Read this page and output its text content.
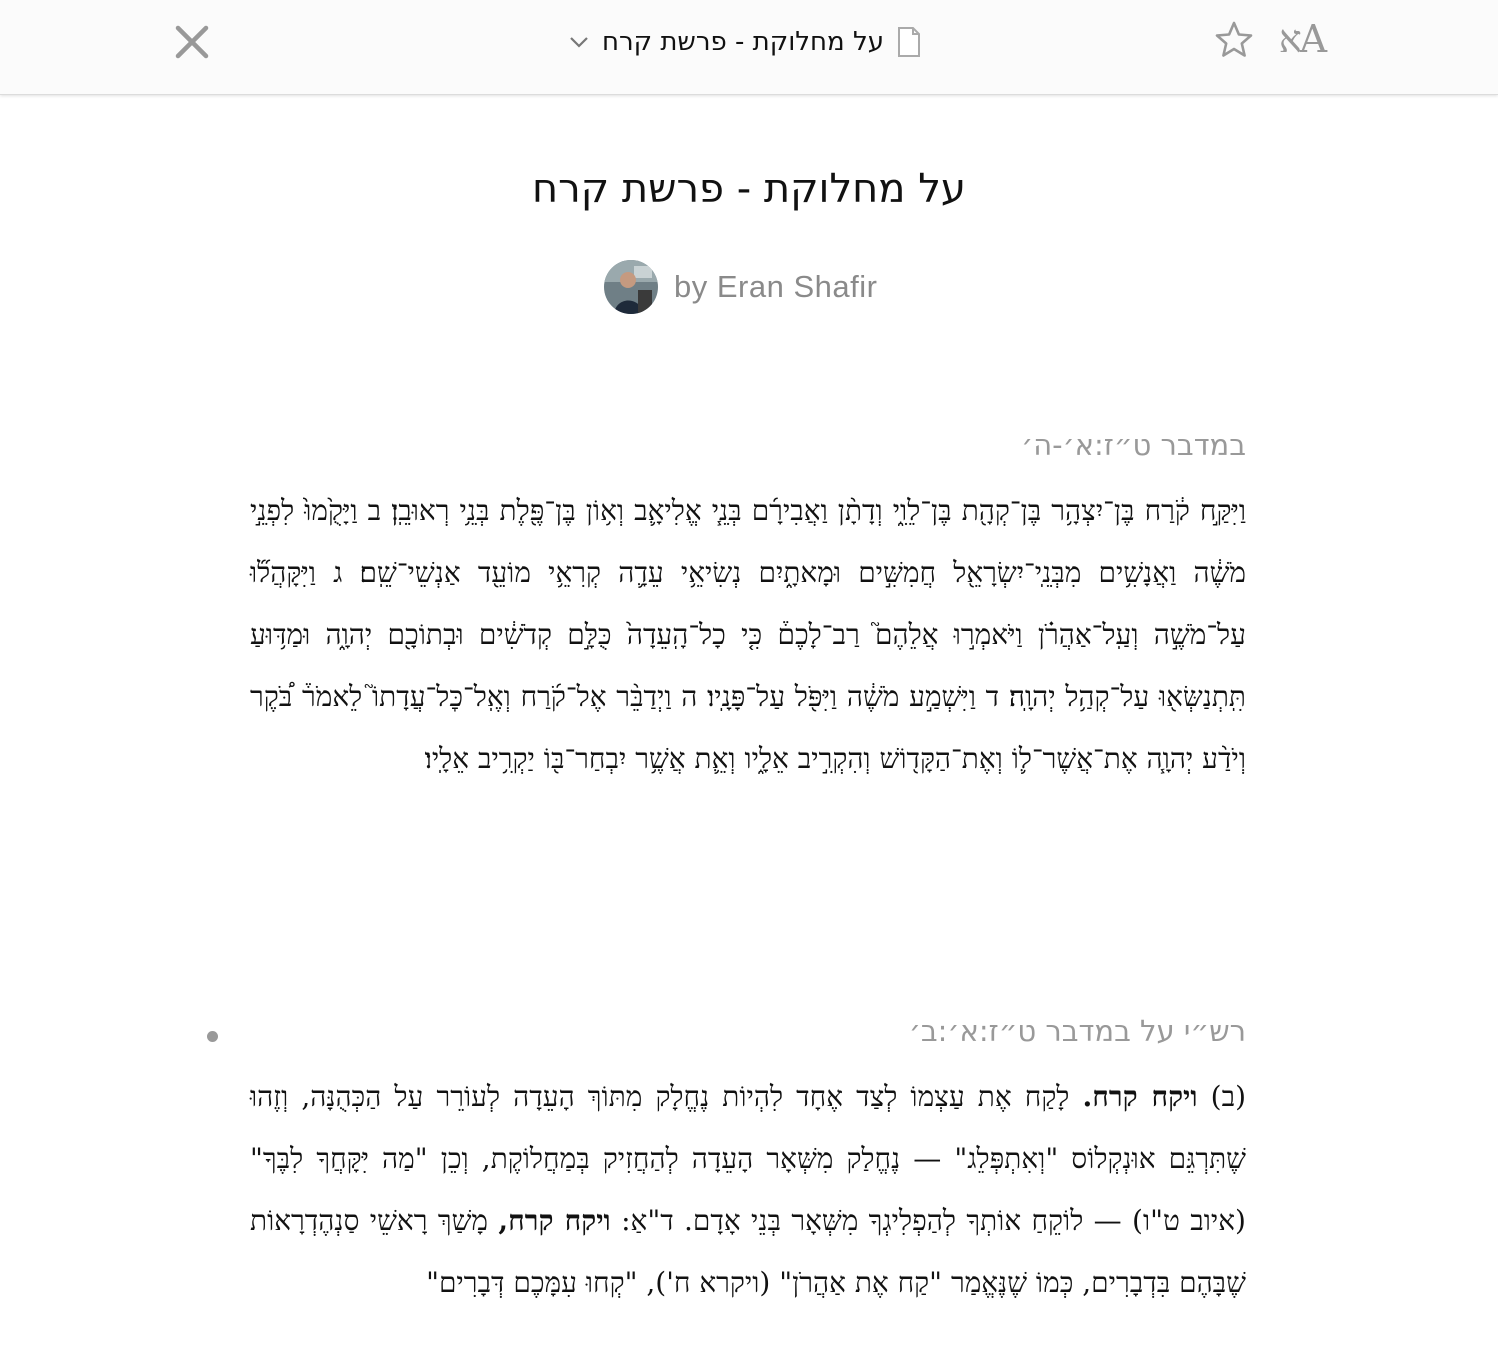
על מחלוקת - פרשת קרח	אA
על מחלוקת - פרשת קרח
by Eran Shafir
במדבר ט״ז:א׳-ה׳
וַיִּקַּ֣ח קֹ֔רַח בֶּן־יִצְהָ֥ר בֶּן־קְהָ֖ת בֶּן־לֵוִ֑י וְדָתָ֨ן וַאֲבִירָ֜ם בְּנֵ֧י אֱלִיאָ֛ב וְא֥וֹן בֶּן־פֶּ֖לֶת בְּנֵ֥י רְאוּבֵֽן׃ ב וַיָּקֻ֙מוּ֙ לִפְנֵ֣י מֹשֶׁ֔ה וַאֲנָשִׁ֥ים מִבְּנֵֽי־יִשְׂרָאֵ֖ל חֲמִשִּׁ֣ים וּמָאתָ֑יִם נְשִׂיאֵ֥י עֵדָ֛ה קְרִאֵ֥י מוֹעֵ֖ד אַנְשֵׁי־שֵֽׁם׃ ג וַיִּקָּהֲל֞וּ עַל־מֹשֶׁ֣ה וְעַֽל־אַהֲרֹ֗ן וַיֹּאמְר֣וּ אֲלֵהֶם֮ רַב־לָכֶם֒ כִּ֤י כָל־הָֽעֵדָה֙ כֻּלָּ֣ם קְדֹשִׁ֔ים וּבְתוֹכָ֖ם יְהוָ֑ה וּמַדּ֥וּעַ תִּֽתְנַשְּׂא֖וּ עַל־קְהַ֥ל יְהוָֽה׃ ד וַיִּשְׁמַ֣ע מֹשֶׁ֔ה וַיִּפֹּ֖ל עַל־פָּנָֽיו׃ ה וַיְדַבֵּ֨ר אֶל־קֹ֜רַח וְאֶֽל־כׇּל־עֲדָתוֹ֮ לֵאמֹר֒ בֹּ֠קֶר וְיֹדַ֨ע יְהוָ֧ה אֶת־אֲשֶׁר־ל֛וֹ וְאֶת־הַקָּד֖וֹשׁ וְהִקְרִ֣יב אֵלָ֑יו וְאֵ֛ת אֲשֶׁ֥ר יִבְחַר־בּ֖וֹ יַקְרִ֥יב אֵלָֽיו׃
רש״י על במדבר ט״ז:א׳:ב׳
(ב) ויקח קרח. לָקַח אֶת עַצְמוֹ לְצַד אֶחָד לִהְיוֹת נֶחֱלָק מִתּוֹךְ הָעֵדָה לְעוֹרֵר עַל הַכְּהֻנָּה, וְזֶהוּ שֶׁתִּרְגֵּם אוּנְקְלוֹס "וְאִתְפְּלֵג" — נֶחֱלַק מִשְּׁאָר הָעֵדָה לְהַחֲזִיק בְּמַחֲלוֹקֶת, וְכֵן "מַה יִּקָּחֲךָ לִבֶּךָ" (איוב ט"ו) — לוֹקֵחַ אוֹתְךָ לְהַפְלִיגְךָ מִשְּׁאָר בְּנֵי אָדָם. ד"אַ: ויקח קרח, מָשַׁךְ רָאשֵׁי סַנְהֶדְרָאוֹת שֶׁבָּהֶם בִּדְבָרִים, כְּמוֹ שֶׁנֶּאֱמַר "קַח אֶת אַהֲרֹן" (ויקרא ח'), "קְחוּ עִמָּכֶם דְּבָרִים"
